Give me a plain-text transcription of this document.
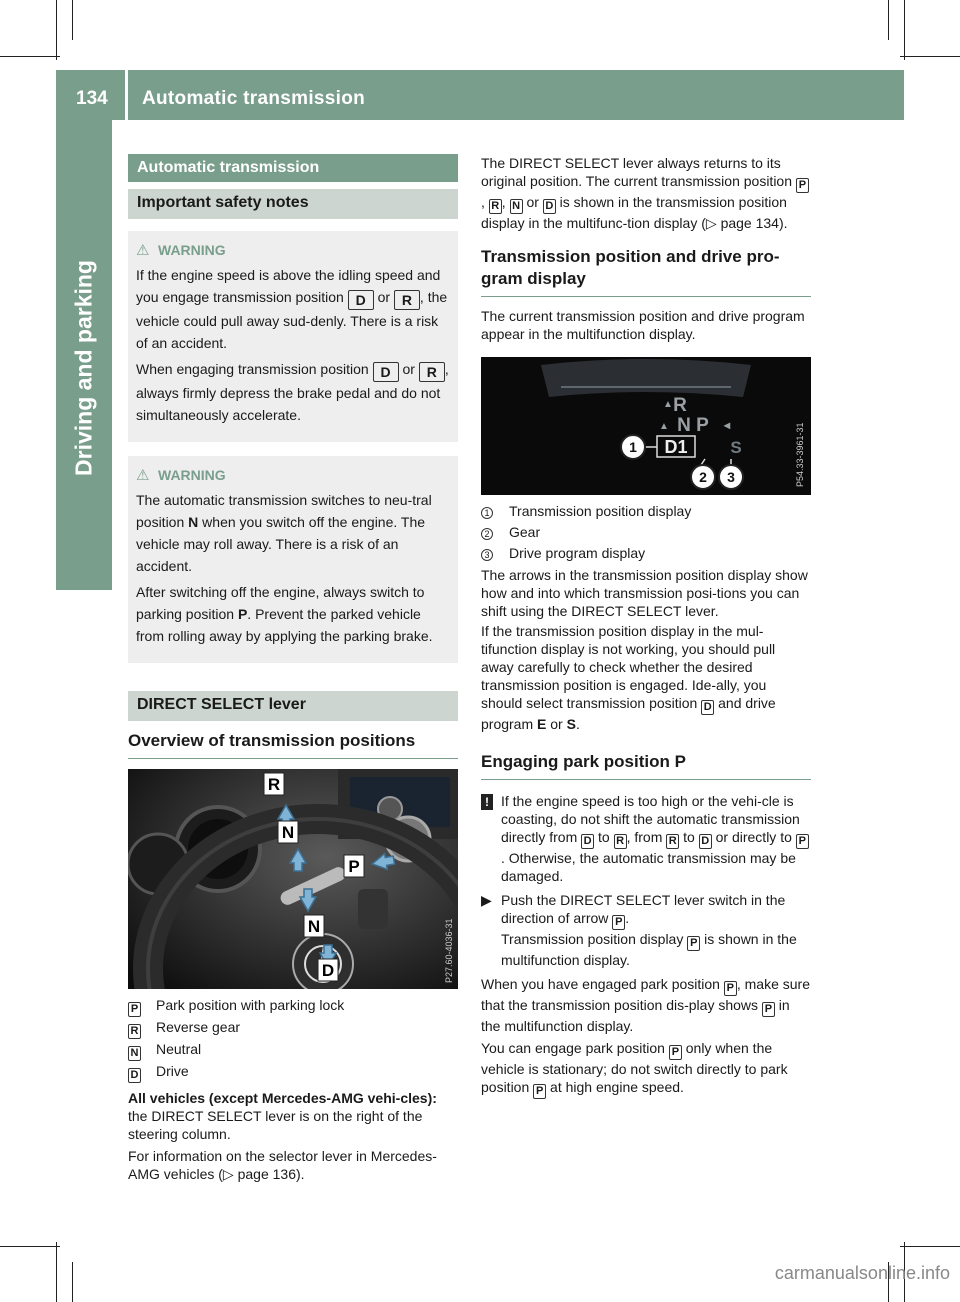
134 Automatic transmission
Driving and parking
Automatic transmission
Important safety notes
⚠ WARNING

If the engine speed is above the idling speed and you engage transmission position D or R , the vehicle could pull away sud-denly. There is a risk of an accident.

When engaging transmission position D or R , always firmly depress the brake pedal and do not simultaneously accelerate.

⚠ WARNING

The automatic transmission switches to neu-tral position N when you switch off the engine. The vehicle may roll away. There is a risk of an accident.

After switching off the engine, always switch to parking position P. Prevent the parked vehicle from rolling away by applying the parking brake.

DIRECT SELECT lever
Overview of transmission positions
R
N
P
N
D	P27.60-4036-31
P	Park position with parking lock
R	Reverse gear
N	Neutral
D	Drive

All vehicles (except Mercedes-AMG vehi-cles): the DIRECT SELECT lever is on the right of the steering column.

For information on the selector lever in Mercedes-AMG vehicles (▷ page 136).

The DIRECT SELECT lever always returns to its original position. The current transmission position P, R , N or D is shown in the transmission position display in the multifunc-tion display (▷ page 134).

Transmission position and drive pro-gram display

The current transmission position and drive program appear in the multifunction display.

R
▲
N P
▲	◂
D1	S
1
2 3	P54.33-3961-31
1	Transmission position display
2	Gear
3	Drive program display

The arrows in the transmission position display show how and into which transmission posi-tions you can shift using the DIRECT SELECT lever.

If the transmission position display in the mul-tifunction display is not working, you should pull away carefully to check whether the desired transmission position is engaged. Ide-ally, you should select transmission position D and drive program E or S.

Engaging park position P
! If the engine speed is too high or the vehi-cle is coasting, do not shift the automatic transmission directly from D to R , from R to D or directly to P. Otherwise, the automatic transmission may be damaged.
▶ Push the DIRECT SELECT lever switch in the direction of arrow P .
Transmission position display P is shown in the multifunction display.

When you have engaged park position P , make sure that the transmission position dis-play shows P in the multifunction display.

You can engage park position P only when the vehicle is stationary; do not switch directly to park position P at high engine speed.

carmanualsonline.info
